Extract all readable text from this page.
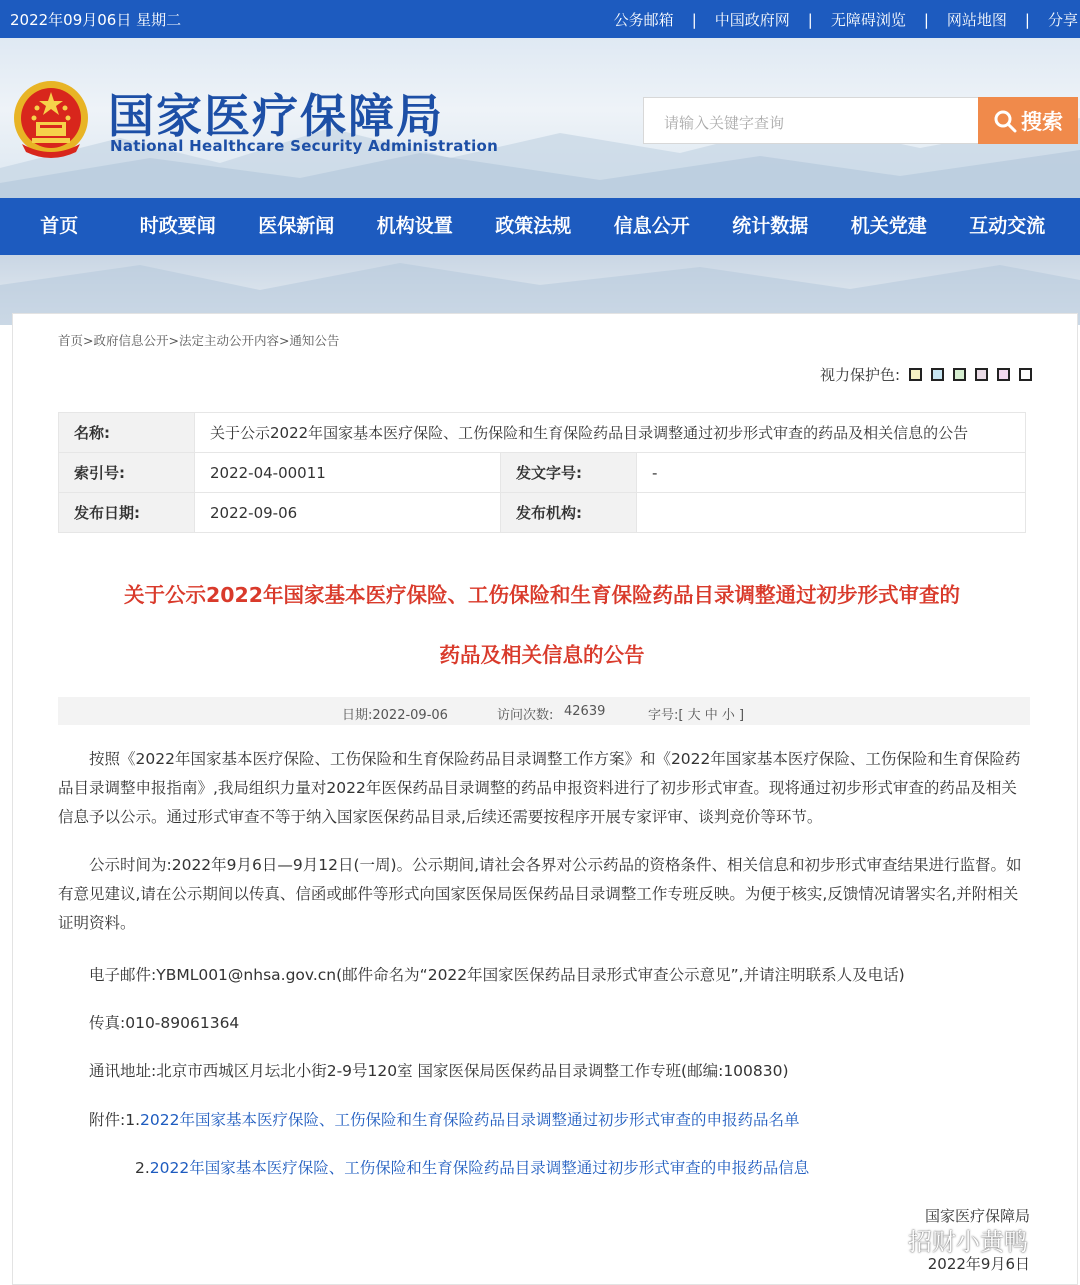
2022年09月06日 星期二	公务邮箱 | 中国政府网 | 无障碍浏览 | 网站地图 | 分享
国家医疗保障局
National Healthcare Security Administration
请输入关键字查询	搜索
首页	时政要闻	医保新闻	机构设置	政策法规	信息公开	统计数据	机关党建	互动交流
首页>政府信息公开>法定主动公开内容>通知公告
视力保护色:
名称:	关于公示2022年国家基本医疗保险、工伤保险和生育保险药品目录调整通过初步形式审查的药品及相关信息的公告		
索引号:	2022-04-00011	发文字号:	-
发布日期:	2022-09-06	发布机构:	
关于公示2022年国家基本医疗保险、工伤保险和生育保险药品目录调整通过初步形式审查的
药品及相关信息的公告
日期:2022-09-06	访问次数: 42639	字号:[ 大 中 小 ]
按照《2022年国家基本医疗保险、工伤保险和生育保险药品目录调整工作方案》和《2022年国家基本医疗保险、工伤保险和生育保险药品目录调整申报指南》,我局组织力量对2022年医保药品目录调整的药品申报资料进行了初步形式审查。现将通过初步形式审查的药品及相关信息予以公示。通过形式审查不等于纳入国家医保药品目录,后续还需要按程序开展专家评审、谈判竞价等环节。
公示时间为:2022年9月6日—9月12日(一周)。公示期间,请社会各界对公示药品的资格条件、相关信息和初步形式审查结果进行监督。如有意见建议,请在公示期间以传真、信函或邮件等形式向国家医保局医保药品目录调整工作专班反映。为便于核实,反馈情况请署实名,并附相关证明资料。
电子邮件:YBML001@nhsa.gov.cn(邮件命名为“2022年国家医保药品目录形式审查公示意见”,并请注明联系人及电话)
传真:010-89061364
通讯地址:北京市西城区月坛北小街2-9号120室 国家医保局医保药品目录调整工作专班(邮编:100830)
附件:1.2022年国家基本医疗保险、工伤保险和生育保险药品目录调整通过初步形式审查的申报药品名单
2.2022年国家基本医疗保险、工伤保险和生育保险药品目录调整通过初步形式审查的申报药品信息
国家医疗保障局
2022年9月6日
招财小黄鸭
